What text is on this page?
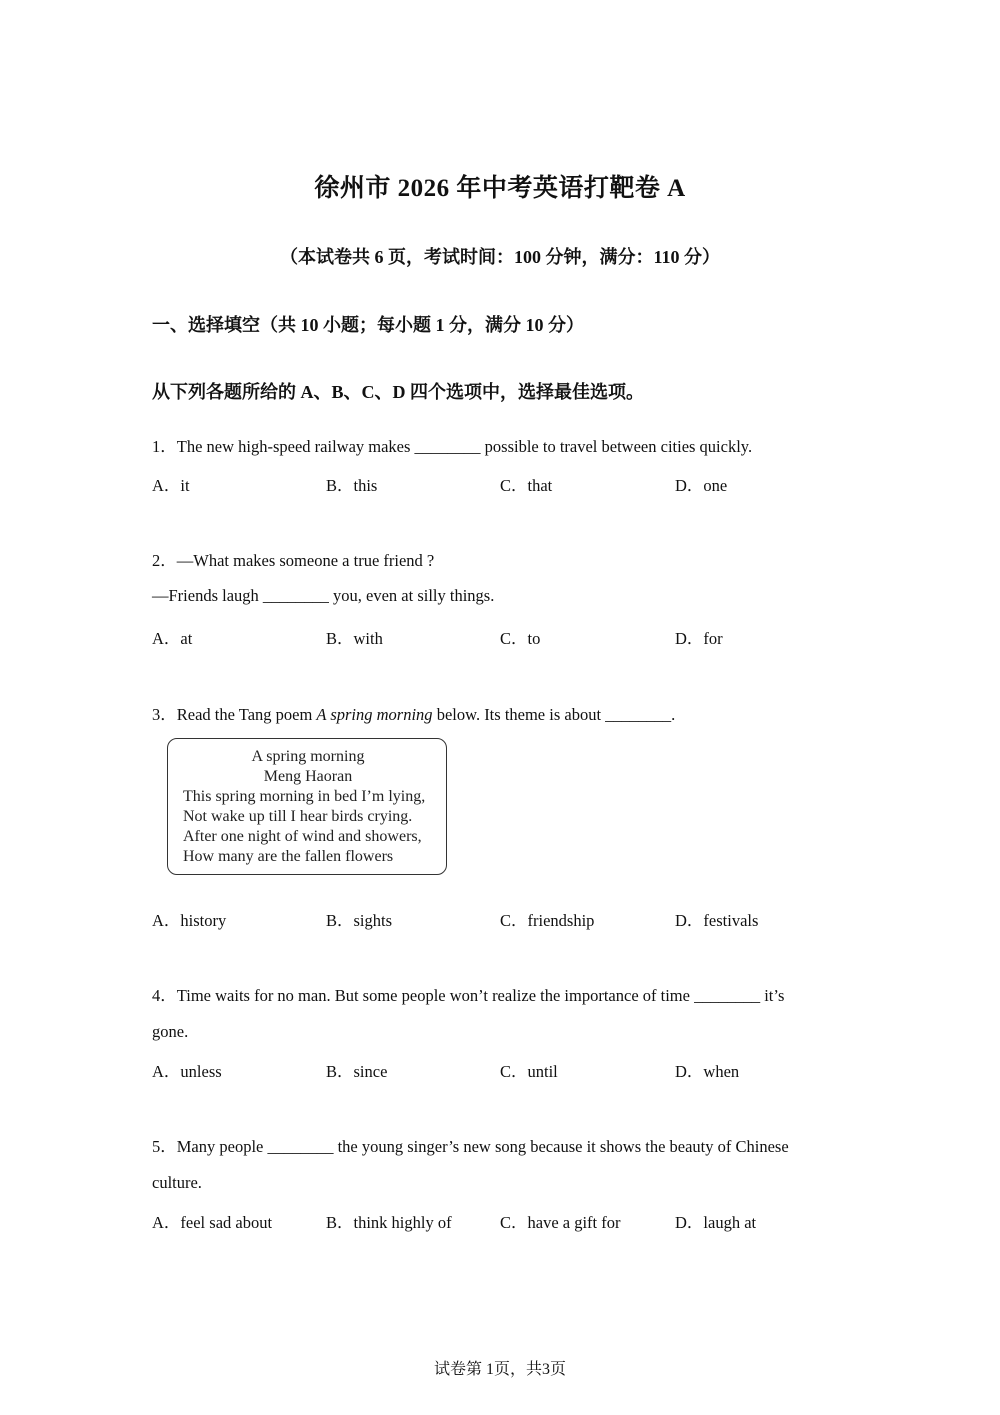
徐州市 2026 年中考英语打靶卷 A
（本试卷共 6 页，考试时间：100 分钟，满分：110 分）
一、选择填空（共 10 小题；每小题 1 分，满分 10 分）
从下列各题所给的 A、B、C、D 四个选项中，选择最佳选项。
1．The new high-speed railway makes ________ possible to travel between cities quickly.
A．it	B．this	C．that	D．one
2．—What makes someone a true friend ?
—Friends laugh ________ you, even at silly things.
A．at	B．with	C．to	D．for
3．Read the Tang poem A spring morning below. Its theme is about ________.
A spring morning
Meng Haoran
This spring morning in bed I’m lying,
Not wake up till I hear birds crying.
After one night of wind and showers,
How many are the fallen flowers
A．history	B．sights	C．friendship	D．festivals
4．Time waits for no man. But some people won’t realize the importance of time ________ it’s
gone.
A．unless	B．since	C．until	D．when
5．Many people ________ the young singer’s new song because it shows the beauty of Chinese
culture.
A．feel sad about	B．think highly of	C．have a gift for	D．laugh at
试卷第 1页，共3页
